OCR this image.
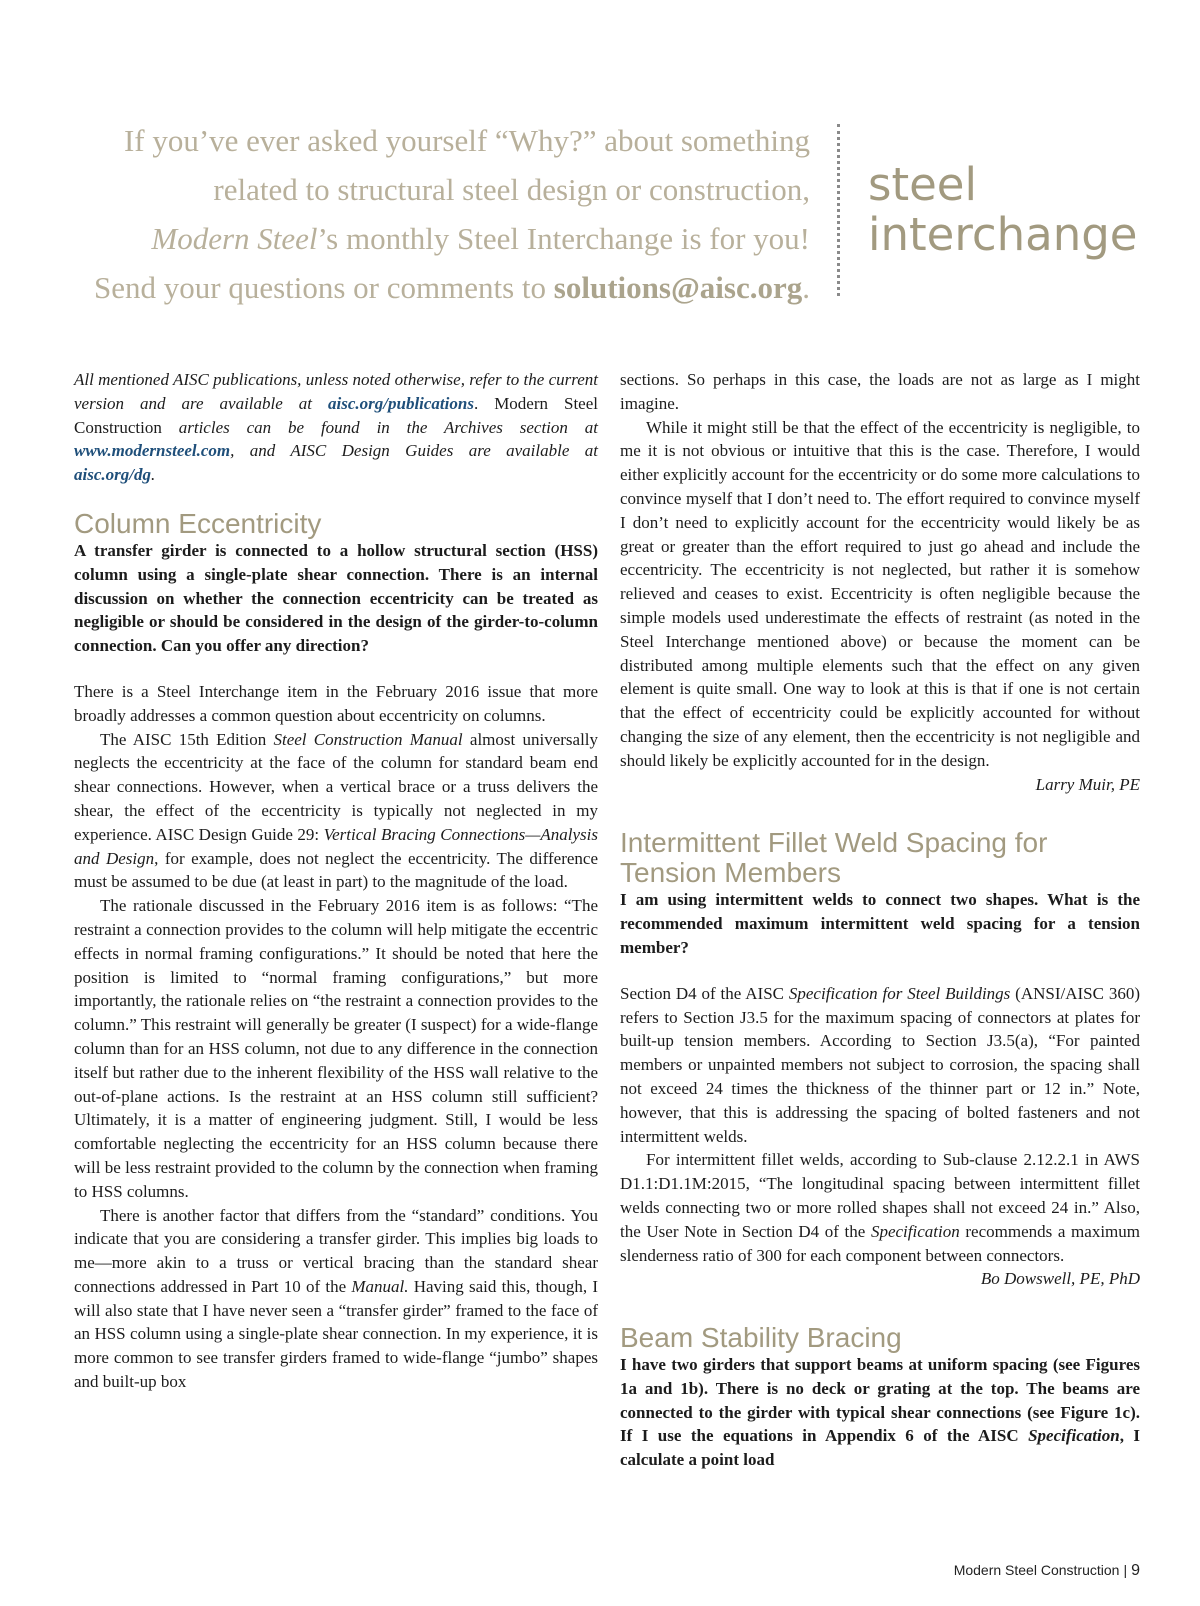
If you’ve ever asked yourself “Why?” about something

related to structural steel design or construction,

Modern Steel’s monthly Steel Interchange is for you!

Send your questions or comments to solutions@aisc.org.

steel
interchange

All mentioned AISC publications, unless noted otherwise, refer to the current version and are available at aisc.org/publications. Modern Steel Construction articles can be found in the Archives section at www.modernsteel.com, and AISC Design Guides are available at aisc.org/dg.

Column Eccentricity

A transfer girder is connected to a hollow structural section (HSS) column using a single-plate shear connection. There is an internal discussion on whether the connection eccentricity can be treated as negligible or should be considered in the design of the girder-to-column connection. Can you offer any direction?

There is a Steel Interchange item in the February 2016 issue that more broadly addresses a common question about eccentricity on columns.

The AISC 15th Edition Steel Construction Manual almost universally neglects the eccentricity at the face of the column for standard beam end shear connections. However, when a vertical brace or a truss delivers the shear, the effect of the eccentricity is typically not neglected in my experience. AISC Design Guide 29: Vertical Bracing Connections—Analysis and Design, for example, does not neglect the eccentricity. The difference must be assumed to be due (at least in part) to the magnitude of the load.

The rationale discussed in the February 2016 item is as follows: “The restraint a connection provides to the column will help mitigate the eccentric effects in normal framing configurations.” It should be noted that here the position is limited to “normal framing configurations,” but more importantly, the rationale relies on “the restraint a connection provides to the column.” This restraint will generally be greater (I suspect) for a wide-flange column than for an HSS column, not due to any difference in the connection itself but rather due to the inherent flexibility of the HSS wall relative to the out-of-plane actions. Is the restraint at an HSS column still sufficient? Ultimately, it is a matter of engineering judgment. Still, I would be less comfortable neglecting the eccentricity for an HSS column because there will be less restraint provided to the column by the connection when framing to HSS columns.

There is another factor that differs from the “standard” conditions. You indicate that you are considering a transfer girder. This implies big loads to me—more akin to a truss or vertical bracing than the standard shear connections addressed in Part 10 of the Manual. Having said this, though, I will also state that I have never seen a “transfer girder” framed to the face of an HSS column using a single-plate shear connection. In my experience, it is more common to see transfer girders framed to wide-flange “jumbo” shapes and built-up box

sections. So perhaps in this case, the loads are not as large as I might imagine.

While it might still be that the effect of the eccentricity is negligible, to me it is not obvious or intuitive that this is the case. Therefore, I would either explicitly account for the eccentricity or do some more calculations to convince myself that I don’t need to. The effort required to convince myself I don’t need to explicitly account for the eccentricity would likely be as great or greater than the effort required to just go ahead and include the eccentricity. The eccentricity is not neglected, but rather it is somehow relieved and ceases to exist. Eccentricity is often negligible because the simple models used underestimate the effects of restraint (as noted in the Steel Interchange mentioned above) or because the moment can be distributed among multiple elements such that the effect on any given element is quite small. One way to look at this is that if one is not certain that the effect of eccentricity could be explicitly accounted for without changing the size of any element, then the eccentricity is not negligible and should likely be explicitly accounted for in the design.

Larry Muir, PE

Intermittent Fillet Weld Spacing for Tension Members

I am using intermittent welds to connect two shapes. What is the recommended maximum intermittent weld spacing for a tension member?

Section D4 of the AISC Specification for Steel Buildings (ANSI/AISC 360) refers to Section J3.5 for the maximum spacing of connectors at plates for built-up tension members. According to Section J3.5(a), “For painted members or unpainted members not subject to corrosion, the spacing shall not exceed 24 times the thickness of the thinner part or 12 in.” Note, however, that this is addressing the spacing of bolted fasteners and not intermittent welds.

For intermittent fillet welds, according to Sub-clause 2.12.2.1 in AWS D1.1:D1.1M:2015, “The longitudinal spacing between intermittent fillet welds connecting two or more rolled shapes shall not exceed 24 in.” Also, the User Note in Section D4 of the Specification recommends a maximum slenderness ratio of 300 for each component between connectors.

Bo Dowswell, PE, PhD

Beam Stability Bracing

I have two girders that support beams at uniform spacing (see Figures 1a and 1b). There is no deck or grating at the top. The beams are connected to the girder with typical shear connections (see Figure 1c). If I use the equations in Appendix 6 of the AISC Specification, I calculate a point load

Modern Steel Construction | 9
